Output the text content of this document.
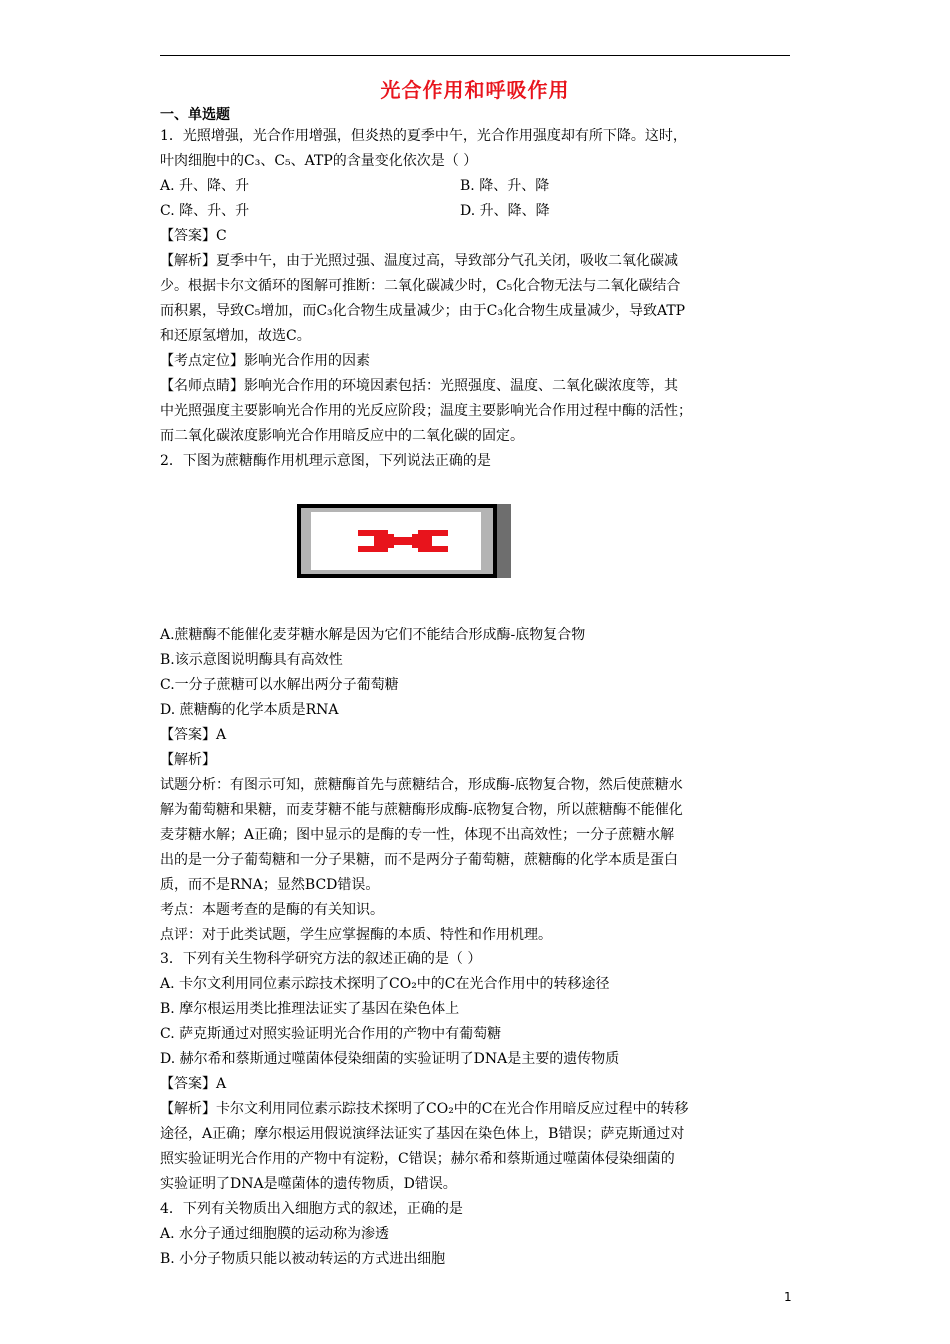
光合作用和呼吸作用
一、单选题
1．光照增强，光合作用增强，但炎热的夏季中午，光合作用强度却有所下降。这时，
叶肉细胞中的C₃、C₅、ATP的含量变化依次是（ ）
A. 升、降、升	B. 降、升、降
C. 降、升、升	D. 升、降、降
【答案】C
【解析】夏季中午，由于光照过强、温度过高，导致部分气孔关闭，吸收二氧化碳减
少。根据卡尔文循环的图解可推断：二氧化碳减少时，C₅化合物无法与二氧化碳结合
而积累，导致C₅增加，而C₃化合物生成量减少；由于C₃化合物生成量减少，导致ATP
和还原氢增加，故选C。
【考点定位】影响光合作用的因素
【名师点睛】影响光合作用的环境因素包括：光照强度、温度、二氧化碳浓度等，其
中光照强度主要影响光合作用的光反应阶段；温度主要影响光合作用过程中酶的活性；
而二氧化碳浓度影响光合作用暗反应中的二氧化碳的固定。
2．下图为蔗糖酶作用机理示意图，下列说法正确的是
A.蔗糖酶不能催化麦芽糖水解是因为它们不能结合形成酶-底物复合物
B.该示意图说明酶具有高效性
C.一分子蔗糖可以水解出两分子葡萄糖
D. 蔗糖酶的化学本质是RNA
【答案】A
【解析】
试题分析：有图示可知，蔗糖酶首先与蔗糖结合，形成酶-底物复合物，然后使蔗糖水
解为葡萄糖和果糖，而麦芽糖不能与蔗糖酶形成酶-底物复合物，所以蔗糖酶不能催化
麦芽糖水解；A正确；图中显示的是酶的专一性，体现不出高效性；一分子蔗糖水解
出的是一分子葡萄糖和一分子果糖，而不是两分子葡萄糖，蔗糖酶的化学本质是蛋白
质，而不是RNA；显然BCD错误。
考点：本题考查的是酶的有关知识。
点评：对于此类试题，学生应掌握酶的本质、特性和作用机理。
3．下列有关生物科学研究方法的叙述正确的是（ ）
A. 卡尔文利用同位素示踪技术探明了CO₂中的C在光合作用中的转移途径
B. 摩尔根运用类比推理法证实了基因在染色体上
C. 萨克斯通过对照实验证明光合作用的产物中有葡萄糖
D. 赫尔希和蔡斯通过噬菌体侵染细菌的实验证明了DNA是主要的遗传物质
【答案】A
【解析】卡尔文利用同位素示踪技术探明了CO₂中的C在光合作用暗反应过程中的转移
途径，A正确；摩尔根运用假说演绎法证实了基因在染色体上，B错误；萨克斯通过对
照实验证明光合作用的产物中有淀粉，C错误；赫尔希和蔡斯通过噬菌体侵染细菌的
实验证明了DNA是噬菌体的遗传物质，D错误。
4．下列有关物质出入细胞方式的叙述，正确的是
A. 水分子通过细胞膜的运动称为渗透
B. 小分子物质只能以被动转运的方式进出细胞
1
